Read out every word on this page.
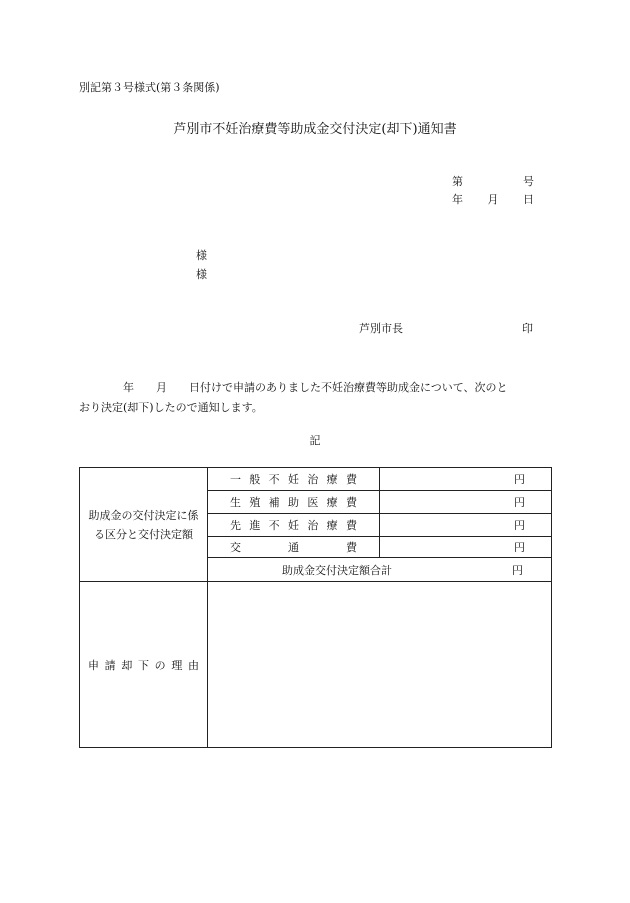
別記第３号様式(第３条関係)
芦別市不妊治療費等助成金交付決定(却下)通知書
第	号
年 月 日
様
様
芦別市長	印
　　　　年　　月　　日付けで申請のありました不妊治療費等助成金について、次のと
おり決定(却下)したので通知します。
記
助成金の交付決定に係る区分と交付決定額	一般不妊治療費	円
	生殖補助医療費	円
	先進不妊治療費	円
	交通費	円
	助成金交付決定額合計 円	
申請却下の理由		
